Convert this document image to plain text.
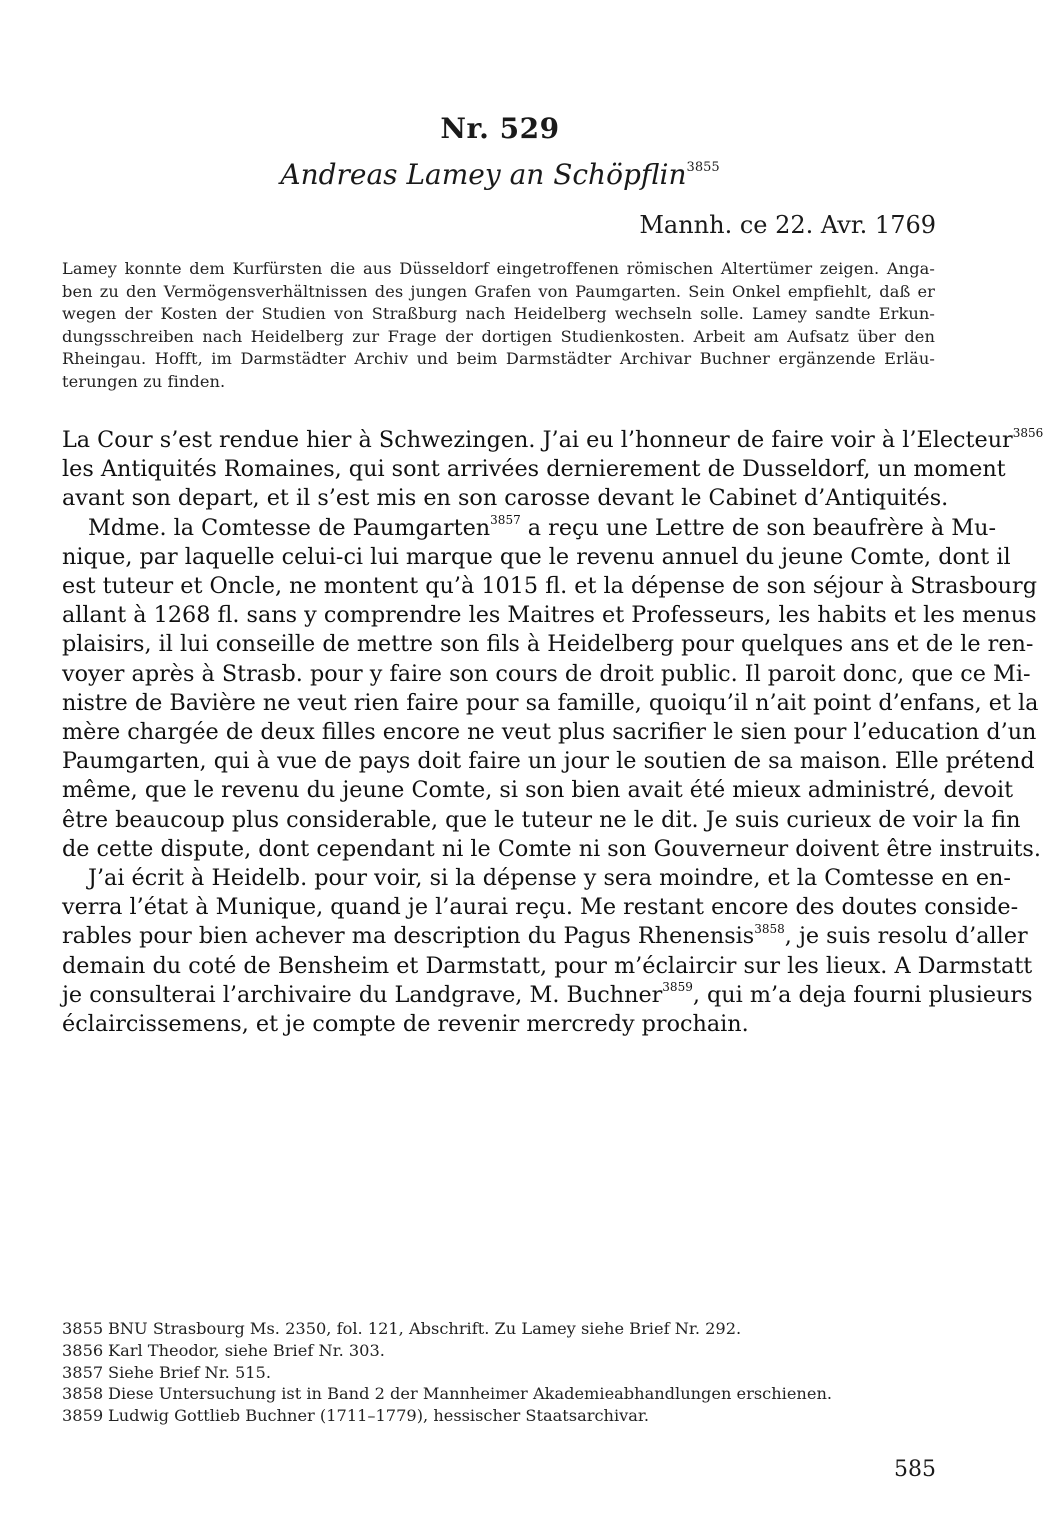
Nr. 529
Andreas Lamey an Schöpflin$^{3855}$
Mannh. ce 22. Avr. 1769
Lamey konnte dem Kurfürsten die aus Düsseldorf eingetroffenen römischen Altertümer zeigen. Anga-
ben zu den Vermögensverhältnissen des jungen Grafen von Paumgarten. Sein Onkel empfiehlt, daß er
wegen der Kosten der Studien von Straßburg nach Heidelberg wechseln solle. Lamey sandte Erkun-
dungsschreiben nach Heidelberg zur Frage der dortigen Studienkosten. Arbeit am Aufsatz über den
Rheingau. Hofft, im Darmstädter Archiv und beim Darmstädter Archivar Buchner ergänzende Erläu-
terungen zu finden.
La Cour s’est rendue hier à Schwezingen. J’ai eu l’honneur de faire voir à l’Electeur$^{3856}$
les Antiquités Romaines, qui sont arrivées dernierement de Dusseldorf, un moment
avant son depart, et il s’est mis en son carosse devant le Cabinet d’Antiquités.
Mdme. la Comtesse de Paumgarten$^{3857}$ a reçu une Lettre de son beaufrère à Mu-
nique, par laquelle celui-ci lui marque que le revenu annuel du jeune Comte, dont il
est tuteur et Oncle, ne montent qu’à 1015 fl. et la dépense de son séjour à Strasbourg
allant à 1268 fl. sans y comprendre les Maitres et Professeurs, les habits et les menus
plaisirs, il lui conseille de mettre son fils à Heidelberg pour quelques ans et de le ren-
voyer après à Strasb. pour y faire son cours de droit public. Il paroit donc, que ce Mi-
nistre de Bavière ne veut rien faire pour sa famille, quoiqu’il n’ait point d’enfans, et la
mère chargée de deux filles encore ne veut plus sacrifier le sien pour l’education d’un
Paumgarten, qui à vue de pays doit faire un jour le soutien de sa maison. Elle prétend
même, que le revenu du jeune Comte, si son bien avait été mieux administré, devoit
être beaucoup plus considerable, que le tuteur ne le dit. Je suis curieux de voir la fin
de cette dispute, dont cependant ni le Comte ni son Gouverneur doivent être instruits.
J’ai écrit à Heidelb. pour voir, si la dépense y sera moindre, et la Comtesse en en-
verra l’état à Munique, quand je l’aurai reçu. Me restant encore des doutes conside-
rables pour bien achever ma description du Pagus Rhenensis$^{3858}$, je suis resolu d’aller
demain du coté de Bensheim et Darmstatt, pour m’éclaircir sur les lieux. A Darmstatt
je consulterai l’archivaire du Landgrave, M. Buchner$^{3859}$, qui m’a deja fourni plusieurs
éclaircissemens, et je compte de revenir mercredy prochain.
3855 BNU Strasbourg Ms. 2350, fol. 121, Abschrift. Zu Lamey siehe Brief Nr. 292.
3856 Karl Theodor, siehe Brief Nr. 303.
3857 Siehe Brief Nr. 515.
3858 Diese Untersuchung ist in Band 2 der Mannheimer Akademieabhandlungen erschienen.
3859 Ludwig Gottlieb Buchner (1711–1779), hessischer Staatsarchivar.
585
